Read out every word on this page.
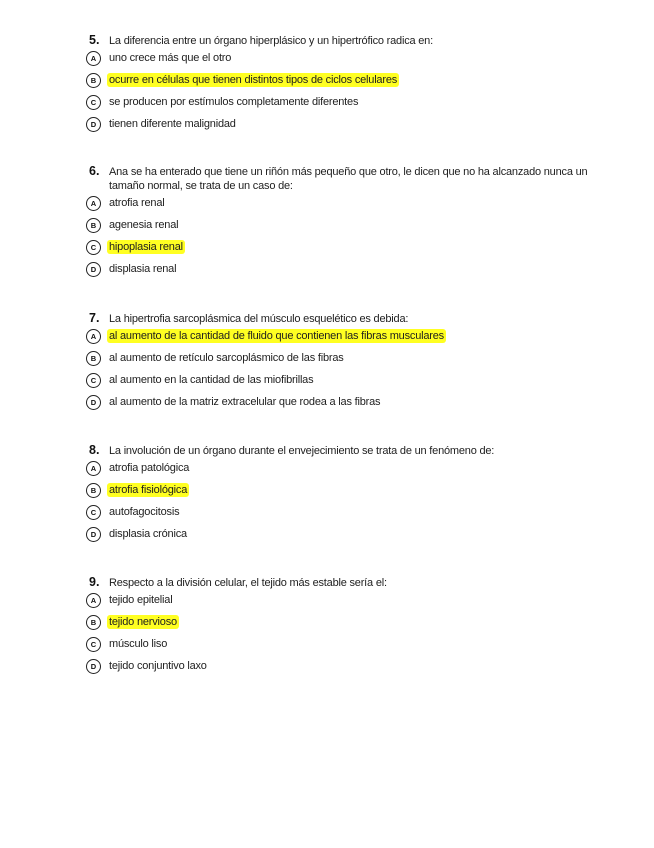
5. La diferencia entre un órgano hiperplásico y un hipertrófico radica en:
A	uno crece más que el otro
B	ocurre en células que tienen distintos tipos de ciclos celulares
C	se producen por estímulos completamente diferentes
D	tienen diferente malignidad
6. Ana se ha enterado que tiene un riñón más pequeño que otro, le dicen que no ha alcanzado nunca un tamaño normal, se trata de un caso de:
A	atrofia renal
B	agenesia renal
C	hipoplasia renal
D	displasia renal
7. La hipertrofia sarcoplásmica del músculo esquelético es debida:
A	al aumento de la cantidad de fluido que contienen las fibras musculares
B	al aumento de retículo sarcoplásmico de las fibras
C	al aumento en la cantidad de las miofibrillas
D	al aumento de la matriz extracelular que rodea a las fibras
8. La involución de un órgano durante el envejecimiento se trata de un fenómeno de:
A	atrofia patológica
B	atrofia fisiológica
C	autofagocitosis
D	displasia crónica
9. Respecto a la división celular, el tejido más estable sería el:
A	tejido epitelial
B	tejido nervioso
C	músculo liso
D	tejido conjuntivo laxo
